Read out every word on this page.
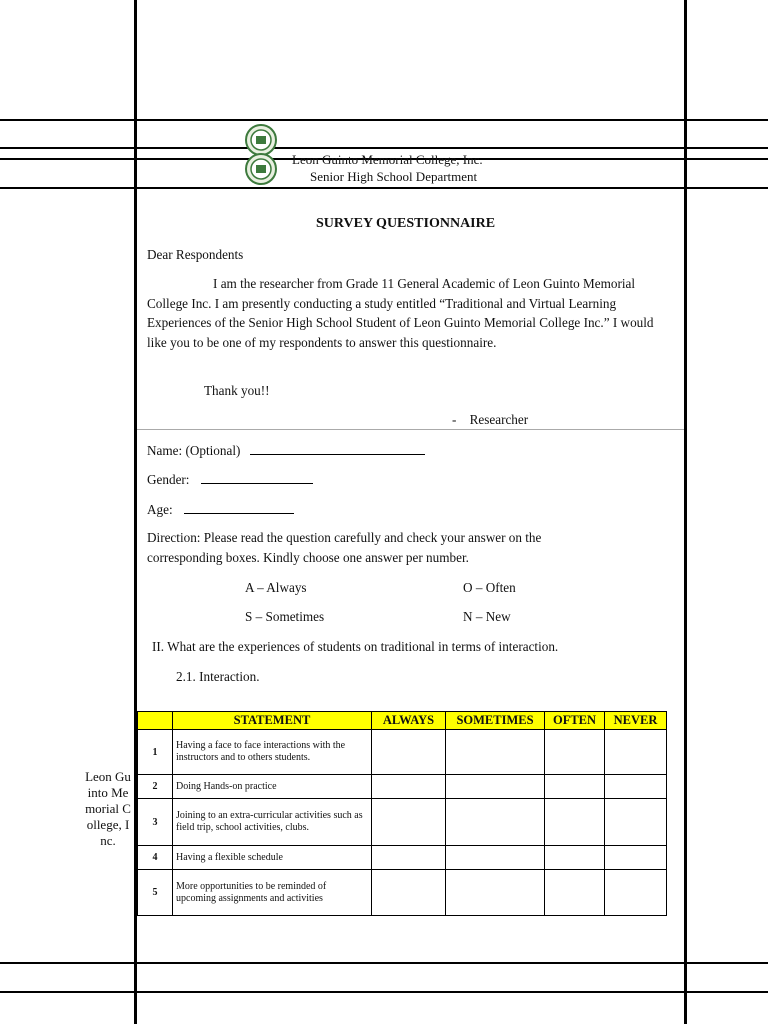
Leon Guinto Memorial College, Inc.
Senior High School Department
SURVEY QUESTIONNAIRE
Dear Respondents
I am the researcher from Grade 11 General Academic of Leon Guinto Memorial College Inc. I am presently conducting a study entitled “Traditional and Virtual Learning Experiences of the Senior High School Student of Leon Guinto Memorial College Inc.” I would like you to be one of my respondents to answer this questionnaire.
Thank you!!
-    Researcher
Name: (Optional)
Gender:
Age:
Direction: Please read the question carefully and check your answer on the corresponding boxes. Kindly choose one answer per number.
A – Always	O – Often
S – Sometimes	N – New
II. What are the experiences of students on traditional in terms of interaction.
2.1. Interaction.
	STATEMENT	ALWAYS	SOMETIMES	OFTEN	NEVER
1	Having a face to face interactions with the instructors and to others students.				
2	Doing Hands-on practice				
3	Joining to an extra-curricular activities such as field trip, school activities, clubs.				
4	Having a flexible schedule				
5	More opportunities to be reminded of upcoming assignments and activities				
Leon Guinto Memorial College, Inc.
